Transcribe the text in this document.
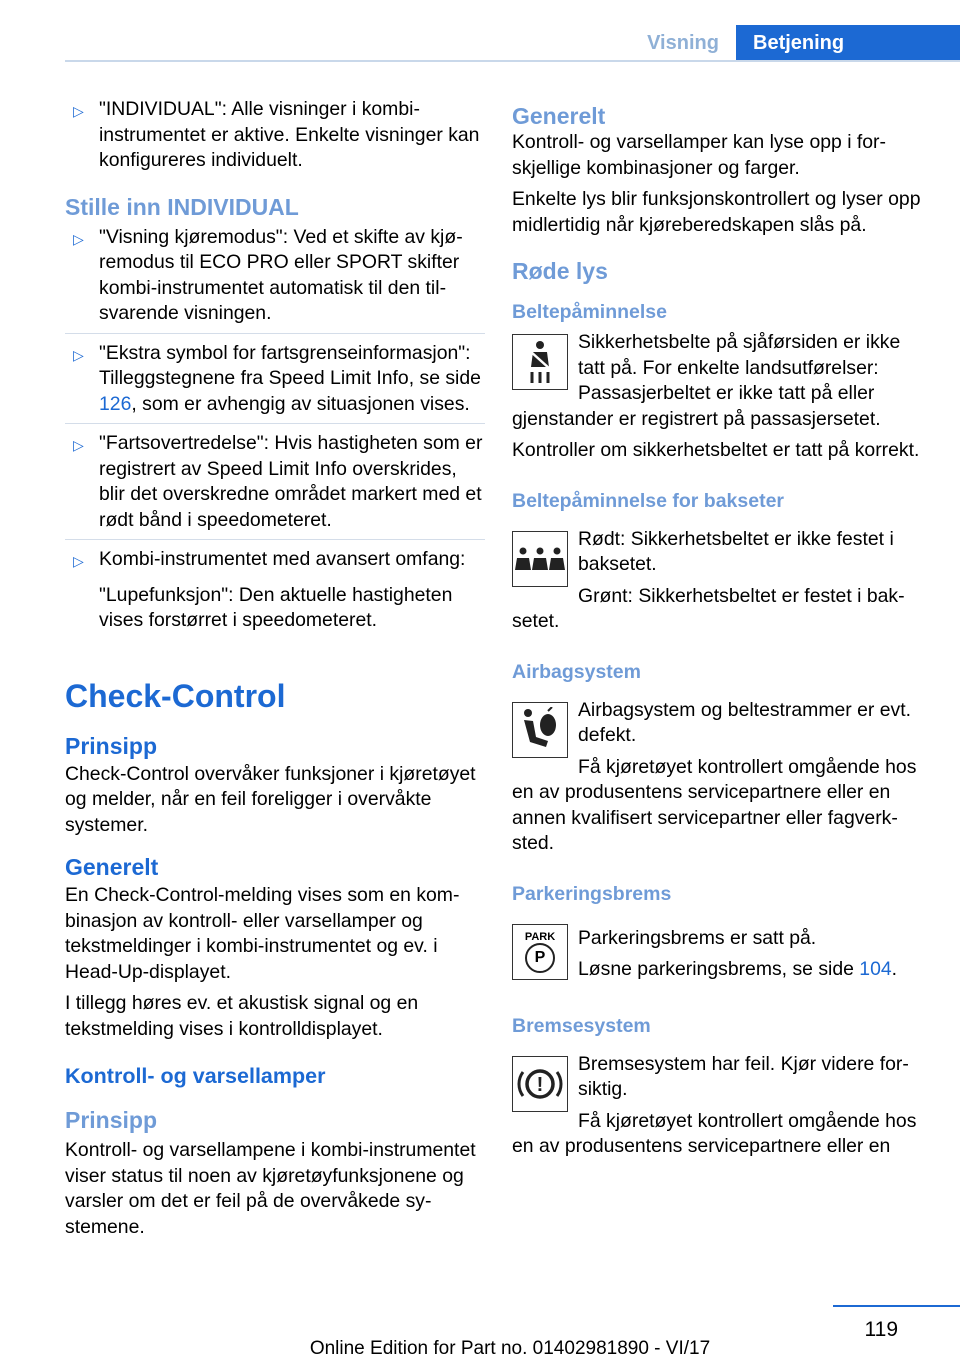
Visning	Betjening
▷ "INDIVIDUAL": Alle visninger i kombiinstrumentet er aktive. Enkelte visninger kan konfigureres individuelt.
Stille inn INDIVIDUAL
▷ "Visning kjøremodus": Ved et skifte av kjøremodus til ECO PRO eller SPORT skifter kombi-instrumentet automatisk til den tilsvarende visningen.
▷ "Ekstra symbol for fartsgrenseinformasjon": Tilleggstegnene fra Speed Limit Info, se side 126, som er avhengig av situasjonen vises.
▷ "Fartsovertredelse": Hvis hastigheten som er registrert av Speed Limit Info overskrides, blir det overskredne området markert med et rødt bånd i speedometeret.
▷ Kombi-instrumentet med avansert omfang:
"Lupefunksjon": Den aktuelle hastigheten vises forstørret i speedometeret.
Check-Control
Prinsipp

Check-Control overvåker funksjoner i kjøretøyet og melder, når en feil foreligger i overvåkte systemer.

Generelt

En Check-Control-melding vises som en kombinasjon av kontroll- eller varsellamper og tekstmeldinger i kombi-instrumentet og ev. i Head-Up-displayet.

I tillegg høres ev. et akustisk signal og en tekstmelding vises i kontrolldisplayet.

Kontroll- og varsellamper
Prinsipp

Kontroll- og varsellampene i kombi-instrumentet viser status til noen av kjøretøyfunksjonene og varsler om det er feil på de overvåkede systemene.

Generelt

Kontroll- og varsellamper kan lyse opp i forskjellige kombinasjoner og farger.

Enkelte lys blir funksjonskontrollert og lyser opp midlertidig når kjøreberedskapen slås på.

Røde lys
Beltepåminnelse

Sikkerhetsbelte på sjåførsiden er ikke tatt på. For enkelte landsutførelser: Passasjerbeltet er ikke tatt på eller gjenstander er registrert på passasjersetet.

Kontroller om sikkerhetsbeltet er tatt på korrekt.

Beltepåminnelse for bakseter

Rødt: Sikkerhetsbeltet er ikke festet i baksetet.

Grønt: Sikkerhetsbeltet er festet i baksetet.

Airbagsystem

Airbagsystem og beltestrammer er evt. defekt.

Få kjøretøyet kontrollert omgående hos en av produsentens servicepartnere eller en annen kvalifisert servicepartner eller fagverksted.

Parkeringsbrems
PARK
P

Parkeringsbrems er satt på.

Løsne parkeringsbrems, se side 104.

Bremsesystem
!

Bremsesystem har feil. Kjør videre forsiktig.

Få kjøretøyet kontrollert omgående hos en av produsentens servicepartnere eller en

119
Online Edition for Part no. 01402981890 - VI/17
